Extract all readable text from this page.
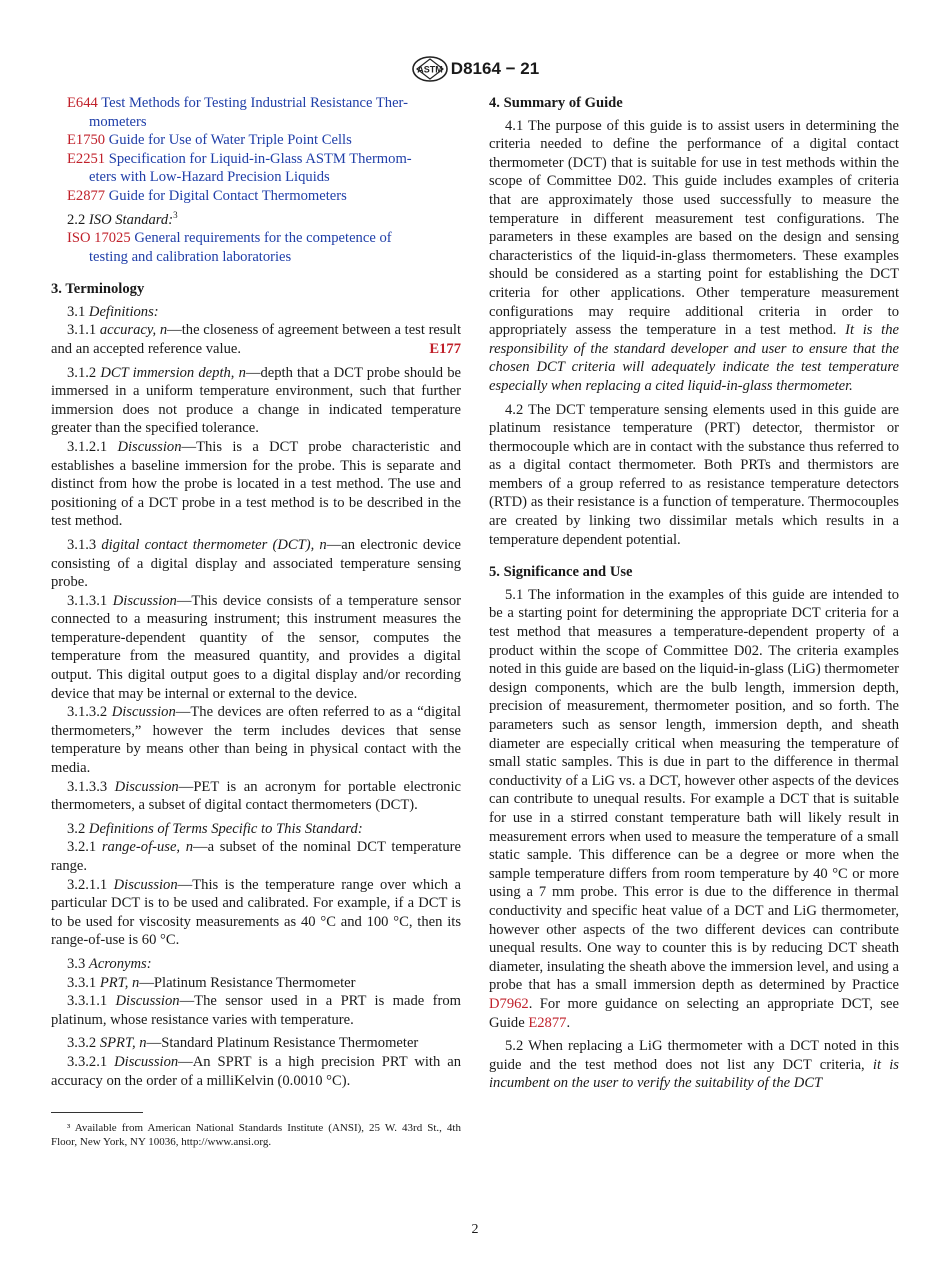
ASTM D8164 − 21

E644 Test Methods for Testing Industrial Resistance Ther-
mometers

E1750 Guide for Use of Water Triple Point Cells

E2251 Specification for Liquid-in-Glass ASTM Thermom-
eters with Low-Hazard Precision Liquids

E2877 Guide for Digital Contact Thermometers

2.2 ISO Standard:$^3$

ISO 17025 General requirements for the competence of
testing and calibration laboratories

3. Terminology

3.1 Definitions:

3.1.1 accuracy, n—the closeness of agreement between a test result and an accepted reference value.	E177

3.1.2 DCT immersion depth, n—depth that a DCT probe should be immersed in a uniform temperature environment, such that further immersion does not produce a change in indicated temperature greater than the specified tolerance.

3.1.2.1 Discussion—This is a DCT probe characteristic and establishes a baseline immersion for the probe. This is separate and distinct from how the probe is located in a test method. The use and positioning of a DCT probe in a test method is to be described in the test method.

3.1.3 digital contact thermometer (DCT), n—an electronic device consisting of a digital display and associated temperature sensing probe.

3.1.3.1 Discussion—This device consists of a temperature sensor connected to a measuring instrument; this instrument measures the temperature-dependent quantity of the sensor, computes the temperature from the measured quantity, and provides a digital output. This digital output goes to a digital display and/or recording device that may be internal or external to the device.

3.1.3.2 Discussion—The devices are often referred to as a “digital thermometers,” however the term includes devices that sense temperature by means other than being in physical contact with the media.

3.1.3.3 Discussion—PET is an acronym for portable electronic thermometers, a subset of digital contact thermometers (DCT).

3.2 Definitions of Terms Specific to This Standard:

3.2.1 range-of-use, n—a subset of the nominal DCT temperature range.

3.2.1.1 Discussion—This is the temperature range over which a particular DCT is to be used and calibrated. For example, if a DCT is to be used for viscosity measurements as 40 °C and 100 °C, then its range-of-use is 60 °C.

3.3 Acronyms:

3.3.1 PRT, n—Platinum Resistance Thermometer

3.3.1.1 Discussion—The sensor used in a PRT is made from platinum, whose resistance varies with temperature.

3.3.2 SPRT, n—Standard Platinum Resistance Thermometer

3.3.2.1 Discussion—An SPRT is a high precision PRT with an accuracy on the order of a milliKelvin (0.0010 °C).

³ Available from American National Standards Institute (ANSI), 25 W. 43rd St., 4th Floor, New York, NY 10036, http://www.ansi.org.

4. Summary of Guide

4.1 The purpose of this guide is to assist users in determining the criteria needed to define the performance of a digital contact thermometer (DCT) that is suitable for use in test methods within the scope of Committee D02. This guide includes examples of criteria that are approximately those used successfully to measure the temperature in different measurement test configurations. The parameters in these examples are based on the design and sensing characteristics of the liquid-in-glass thermometers. These examples should be considered as a starting point for establishing the DCT criteria for other applications. Other temperature measurement configurations may require additional criteria in order to appropriately assess the temperature in a test method. It is the responsibility of the standard developer and user to ensure that the chosen DCT criteria will adequately indicate the test temperature especially when replacing a cited liquid-in-glass thermometer.

4.2 The DCT temperature sensing elements used in this guide are platinum resistance temperature (PRT) detector, thermistor or thermocouple which are in contact with the substance thus referred to as a digital contact thermometer. Both PRTs and thermistors are members of a group referred to as resistance temperature detectors (RTD) as their resistance is a function of temperature. Thermocouples are created by linking two dissimilar metals which results in a temperature dependent potential.

5. Significance and Use

5.1 The information in the examples of this guide are intended to be a starting point for determining the appropriate DCT criteria for a test method that measures a temperature-dependent property of a product within the scope of Committee D02. The criteria examples noted in this guide are based on the liquid-in-glass (LiG) thermometer design components, which are the bulb length, immersion depth, precision of measurement, thermometer position, and so forth. The parameters such as sensor length, immersion depth, and sheath diameter are especially critical when measuring the temperature of small static samples. This is due in part to the difference in thermal conductivity of a LiG vs. a DCT, however other aspects of the devices can contribute to unequal results. For example a DCT that is suitable for use in a stirred constant temperature bath will likely result in measurement errors when used to measure the temperature of a small static sample. This difference can be a degree or more when the sample temperature differs from room temperature by 40 °C or more using a 7 mm probe. This error is due to the difference in thermal conductivity and specific heat value of a DCT and LiG thermometer, however other aspects of the two different devices can contribute unequal results. One way to counter this is by reducing DCT sheath diameter, insulating the sheath above the immersion level, and using a probe that has a small immersion depth as determined by Practice D7962. For more guidance on selecting an appropriate DCT, see Guide E2877.

5.2 When replacing a LiG thermometer with a DCT noted in this guide and the test method does not list any DCT criteria, it is incumbent on the user to verify the suitability of the DCT

2
